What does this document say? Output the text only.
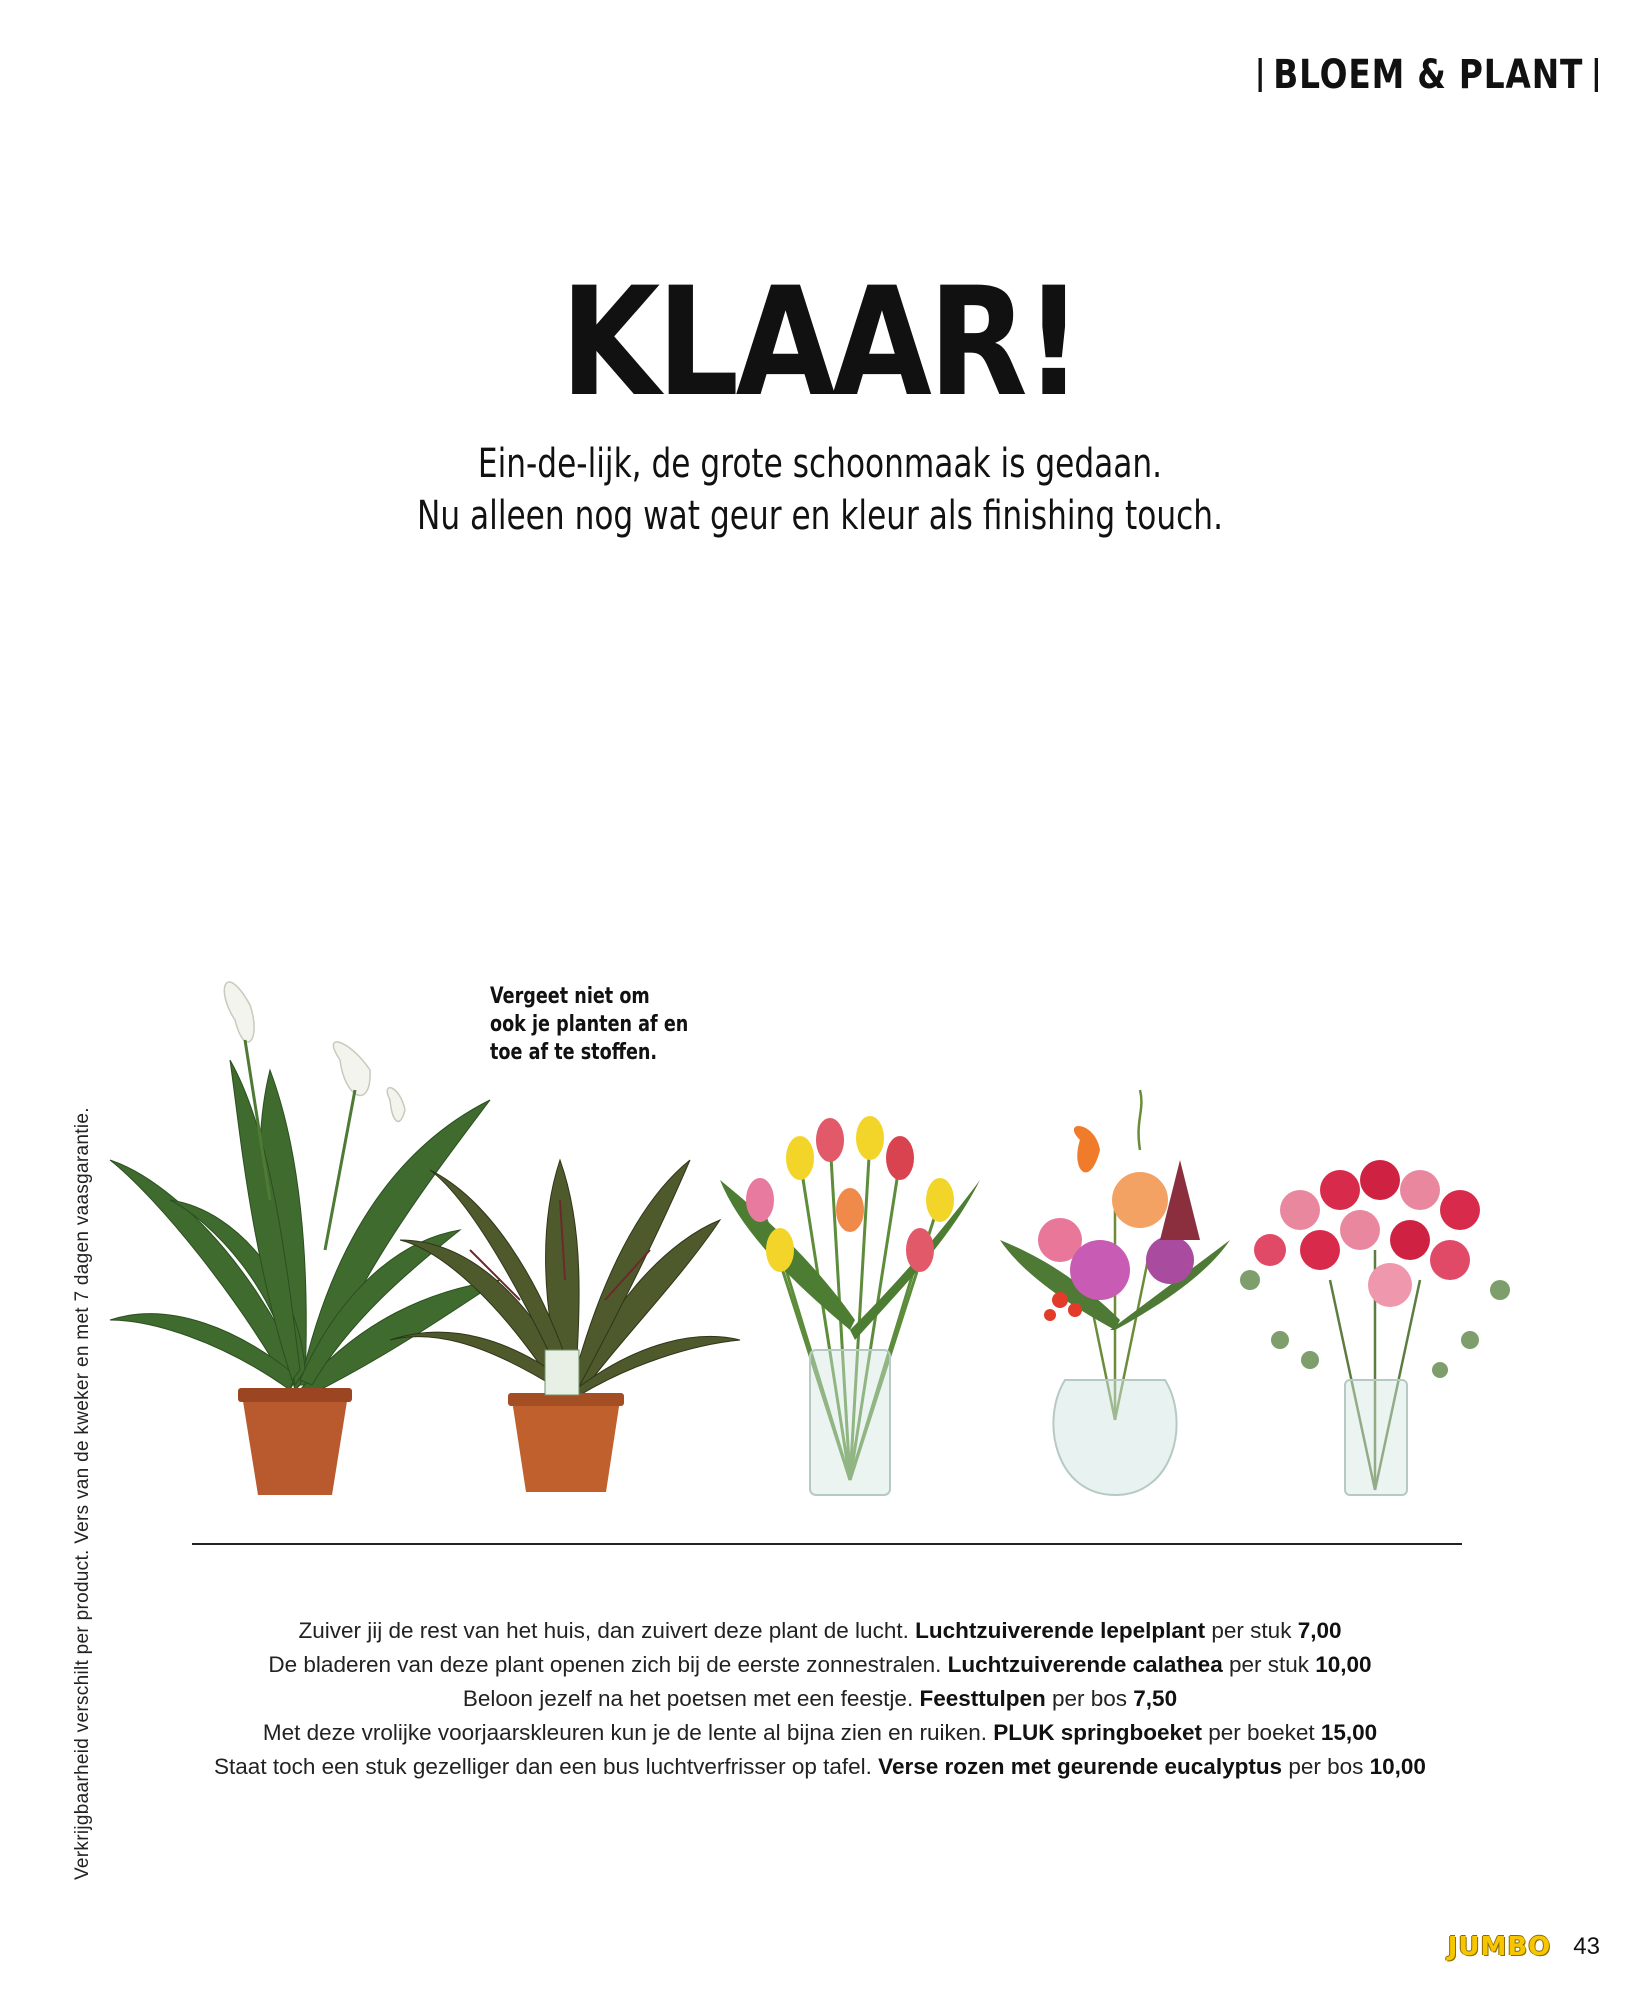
BLOEM & PLANT
KLAAR!
Ein-de-lijk, de grote schoonmaak is gedaan.
Nu alleen nog wat geur en kleur als finishing touch.
Vergeet niet om
ook je planten af en
toe af te stoffen.
Verkrijgbaarheid verschilt per product. Vers van de kweker en met 7 dagen vaasgarantie.	Zuiver jij de rest van het huis, dan zuivert deze plant de lucht. Luchtzuiverende lepelplant per stuk 7,00
De bladeren van deze plant openen zich bij de eerste zonnestralen. Luchtzuiverende calathea per stuk 10,00
Beloon jezelf na het poetsen met een feestje. Feesttulpen per bos 7,50
Met deze vrolijke voorjaarskleuren kun je de lente al bijna zien en ruiken. PLUK springboeket per boeket 15,00
Staat toch een stuk gezelliger dan een bus luchtverfrisser op tafel. Verse rozen met geurende eucalyptus per bos 10,00
JUMBO 43
